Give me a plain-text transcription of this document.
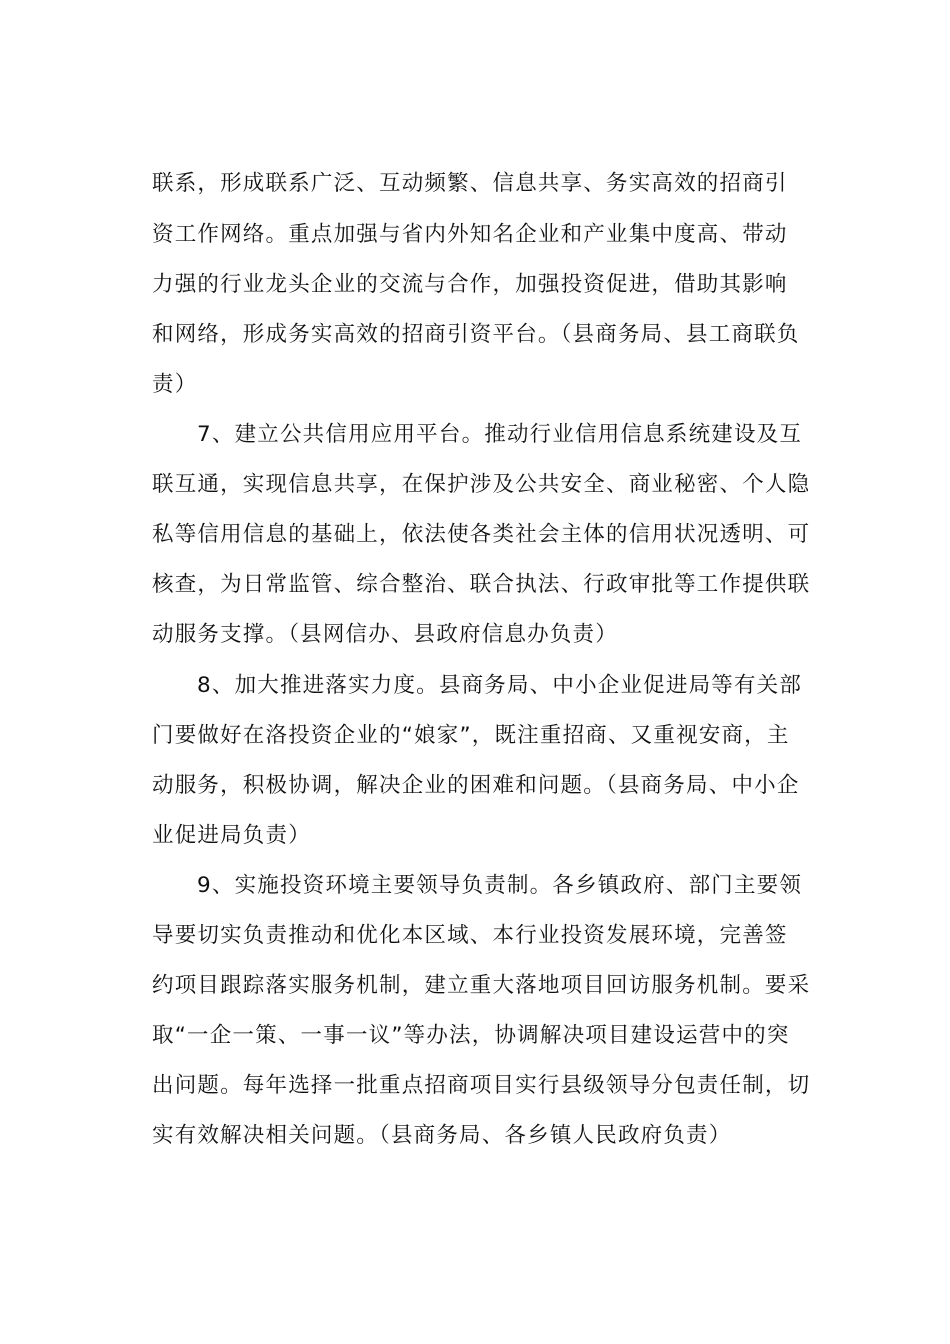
联系，形成联系广泛、互动频繁、信息共享、务实高效的招商引
资工作网络。重点加强与省内外知名企业和产业集中度高、带动
力强的行业龙头企业的交流与合作，加强投资促进，借助其影响
和网络，形成务实高效的招商引资平台。（县商务局、县工商联负
责）
7、建立公共信用应用平台。推动行业信用信息系统建设及互
联互通，实现信息共享，在保护涉及公共安全、商业秘密、个人隐
私等信用信息的基础上，依法使各类社会主体的信用状况透明、可
核查，为日常监管、综合整治、联合执法、行政审批等工作提供联
动服务支撑。（县网信办、县政府信息办负责）
8、加大推进落实力度。县商务局、中小企业促进局等有关部
门要做好在洛投资企业的“娘家”，既注重招商、又重视安商，主
动服务，积极协调，解决企业的困难和问题。（县商务局、中小企
业促进局负责）
9、实施投资环境主要领导负责制。各乡镇政府、部门主要领
导要切实负责推动和优化本区域、本行业投资发展环境，完善签
约项目跟踪落实服务机制，建立重大落地项目回访服务机制。要采
取“一企一策、一事一议”等办法，协调解决项目建设运营中的突
出问题。每年选择一批重点招商项目实行县级领导分包责任制，切
实有效解决相关问题。（县商务局、各乡镇人民政府负责）
